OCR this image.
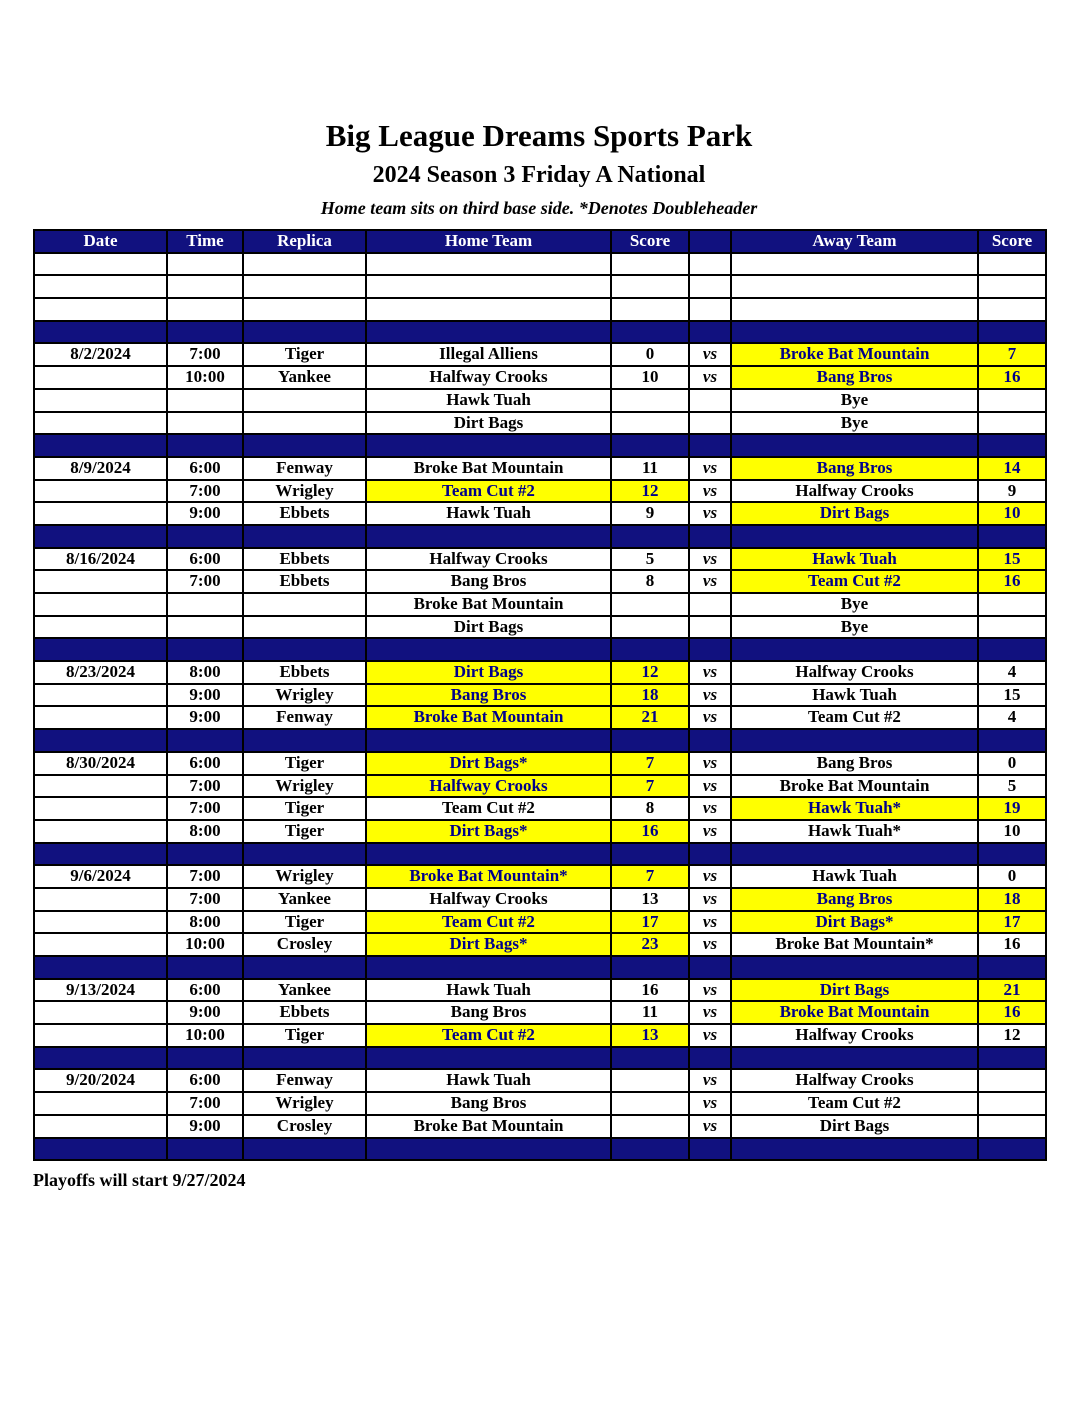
Big League Dreams Sports Park
2024 Season 3 Friday A National
Home team sits on third base side. *Denotes Doubleheader
Date	Time	Replica	Home Team	Score		Away Team	Score

8/2/2024	7:00	Tiger	Illegal Alliens	0	vs	Broke Bat Mountain	7
	10:00	Yankee	Halfway Crooks	10	vs	Bang Bros	16
			Hawk Tuah			Bye	
			Dirt Bags			Bye	

8/9/2024	6:00	Fenway	Broke Bat Mountain	11	vs	Bang Bros	14
	7:00	Wrigley	Team Cut #2	12	vs	Halfway Crooks	9
	9:00	Ebbets	Hawk Tuah	9	vs	Dirt Bags	10

8/16/2024	6:00	Ebbets	Halfway Crooks	5	vs	Hawk Tuah	15
	7:00	Ebbets	Bang Bros	8	vs	Team Cut #2	16
			Broke Bat Mountain			Bye	
			Dirt Bags			Bye	

8/23/2024	8:00	Ebbets	Dirt Bags	12	vs	Halfway Crooks	4
	9:00	Wrigley	Bang Bros	18	vs	Hawk Tuah	15
	9:00	Fenway	Broke Bat Mountain	21	vs	Team Cut #2	4

8/30/2024	6:00	Tiger	Dirt Bags*	7	vs	Bang Bros	0
	7:00	Wrigley	Halfway Crooks	7	vs	Broke Bat Mountain	5
	7:00	Tiger	Team Cut #2	8	vs	Hawk Tuah*	19
	8:00	Tiger	Dirt Bags*	16	vs	Hawk Tuah*	10

9/6/2024	7:00	Wrigley	Broke Bat Mountain*	7	vs	Hawk Tuah	0
	7:00	Yankee	Halfway Crooks	13	vs	Bang Bros	18
	8:00	Tiger	Team Cut #2	17	vs	Dirt Bags*	17
	10:00	Crosley	Dirt Bags*	23	vs	Broke Bat Mountain*	16

9/13/2024	6:00	Yankee	Hawk Tuah	16	vs	Dirt Bags	21
	9:00	Ebbets	Bang Bros	11	vs	Broke Bat Mountain	16
	10:00	Tiger	Team Cut #2	13	vs	Halfway Crooks	12

9/20/2024	6:00	Fenway	Hawk Tuah		vs	Halfway Crooks	
	7:00	Wrigley	Bang Bros		vs	Team Cut #2	
	9:00	Crosley	Broke Bat Mountain		vs	Dirt Bags	

Playoffs will start 9/27/2024
